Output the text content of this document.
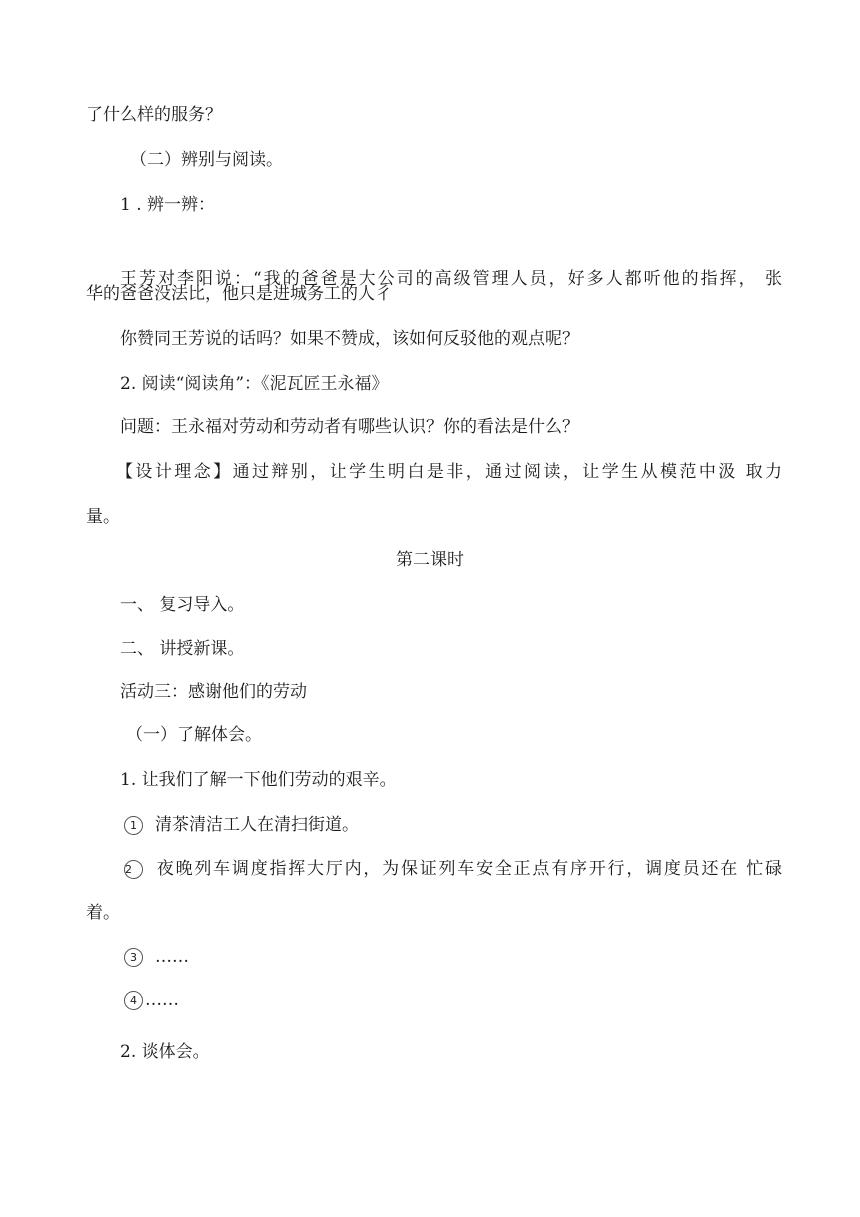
了什么样的服务？
（二）辨别与阅读。
1 . 辨一辨：
王芳对李阳说：“我的爸爸是大公司的高级管理人员，好多人都听他的指挥， 张
华的爸爸没法比，他只是进城务工的人彳
你赞同王芳说的话吗？如果不赞成，该如何反驳他的观点呢？
2. 阅读“阅读角”：《泥瓦匠王永福》
问题：王永福对劳动和劳动者有哪些认识？你的看法是什么？
【设计理念】通过辩别，让学生明白是非，通过阅读，让学生从模范中汲 取力
量。
第二课时
一、 复习导入。
二、 讲授新课。
活动三：感谢他们的劳动
（一）了解体会。
1. 让我们了解一下他们劳动的艰辛。
1 清茶清洁工人在清扫街道。
2 夜晚列车调度指挥大厅内，为保证列车安全正点有序开行，调度员还在 忙碌
着。
3 ……
4 ……
2. 谈体会。
